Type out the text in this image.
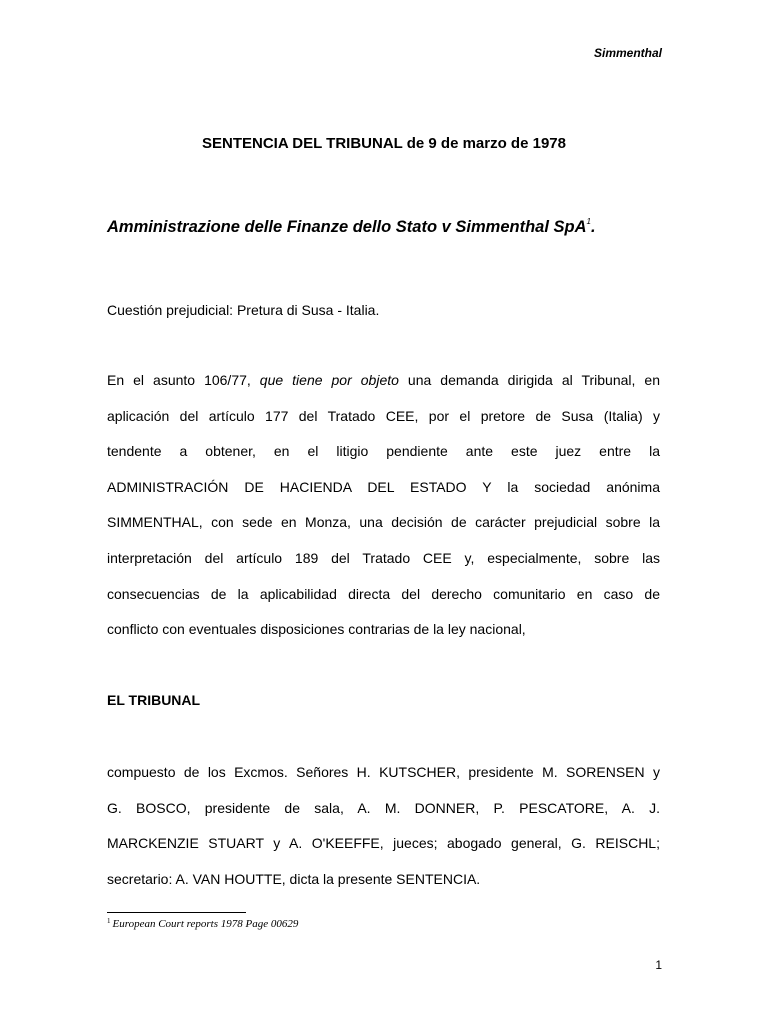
Simmenthal
SENTENCIA DEL TRIBUNAL de 9 de marzo de 1978
Amministrazione delle Finanze dello Stato v Simmenthal SpA$^1$.
Cuestión prejudicial: Pretura di Susa - Italia.
En el asunto 106/77, que tiene por objeto una demanda dirigida al Tribunal, en
aplicación del artículo 177 del Tratado CEE, por el pretore de Susa (Italia) y
tendente a obtener, en el litigio pendiente ante este juez entre la
ADMINISTRACIÓN DE HACIENDA DEL ESTADO Y la sociedad anónima
SIMMENTHAL, con sede en Monza, una decisión de carácter prejudicial sobre la
interpretación del artículo 189 del Tratado CEE y, especialmente, sobre las
consecuencias de la aplicabilidad directa del derecho comunitario en caso de
conflicto con eventuales disposiciones contrarias de la ley nacional,
EL TRIBUNAL
compuesto de los Excmos. Señores H. KUTSCHER, presidente M. SORENSEN y
G. BOSCO, presidente de sala, A. M. DONNER, P. PESCATORE, A. J.
MARCKENZIE STUART y A. O'KEEFFE, jueces; abogado general, G. REISCHL;
secretario: A. VAN HOUTTE, dicta la presente SENTENCIA.
$^1$ European Court reports 1978 Page 00629
1
